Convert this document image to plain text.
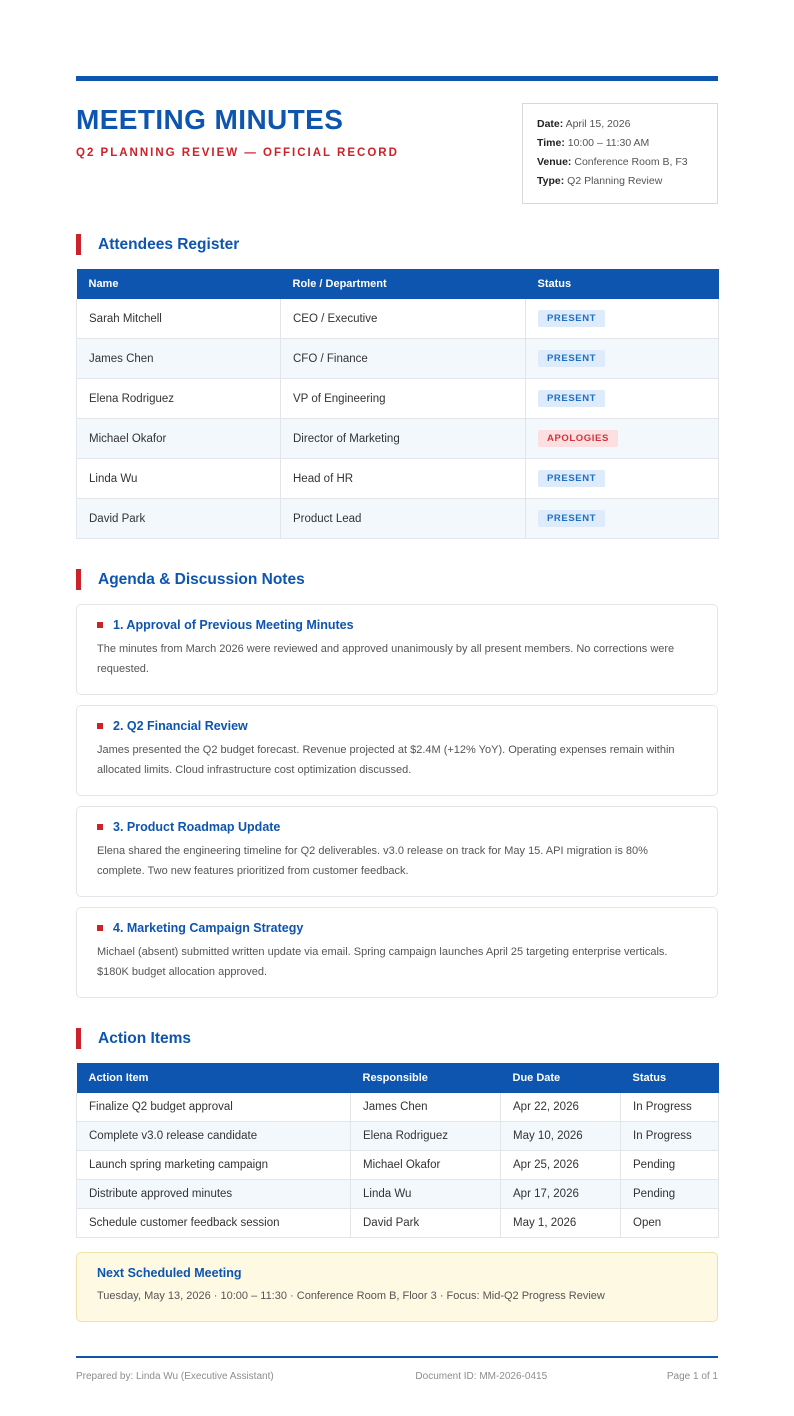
MEETING MINUTES
Q2 PLANNING REVIEW — OFFICIAL RECORD
Date: April 15, 2026
Time: 10:00 – 11:30 AM
Venue: Conference Room B, F3
Type: Q2 Planning Review
Attendees Register
Name	Role / Department	Status
Sarah Mitchell	CEO / Executive	PRESENT
James Chen	CFO / Finance	PRESENT
Elena Rodriguez	VP of Engineering	PRESENT
Michael Okafor	Director of Marketing	APOLOGIES
Linda Wu	Head of HR	PRESENT
David Park	Product Lead	PRESENT
Agenda & Discussion Notes
1. Approval of Previous Meeting Minutes
The minutes from March 2026 were reviewed and approved unanimously by all present members. No corrections were requested.
2. Q2 Financial Review
James presented the Q2 budget forecast. Revenue projected at $2.4M (+12% YoY). Operating expenses remain within allocated limits. Cloud infrastructure cost optimization discussed.
3. Product Roadmap Update
Elena shared the engineering timeline for Q2 deliverables. v3.0 release on track for May 15. API migration is 80% complete. Two new features prioritized from customer feedback.
4. Marketing Campaign Strategy
Michael (absent) submitted written update via email. Spring campaign launches April 25 targeting enterprise verticals. $180K budget allocation approved.
Action Items
Action Item	Responsible	Due Date	Status
Finalize Q2 budget approval	James Chen	Apr 22, 2026	In Progress
Complete v3.0 release candidate	Elena Rodriguez	May 10, 2026	In Progress
Launch spring marketing campaign	Michael Okafor	Apr 25, 2026	Pending
Distribute approved minutes	Linda Wu	Apr 17, 2026	Pending
Schedule customer feedback session	David Park	May 1, 2026	Open
Next Scheduled Meeting
Tuesday, May 13, 2026 · 10:00 – 11:30 · Conference Room B, Floor 3 · Focus: Mid-Q2 Progress Review
Prepared by: Linda Wu (Executive Assistant)	Document ID: MM-2026-0415	Page 1 of 1
